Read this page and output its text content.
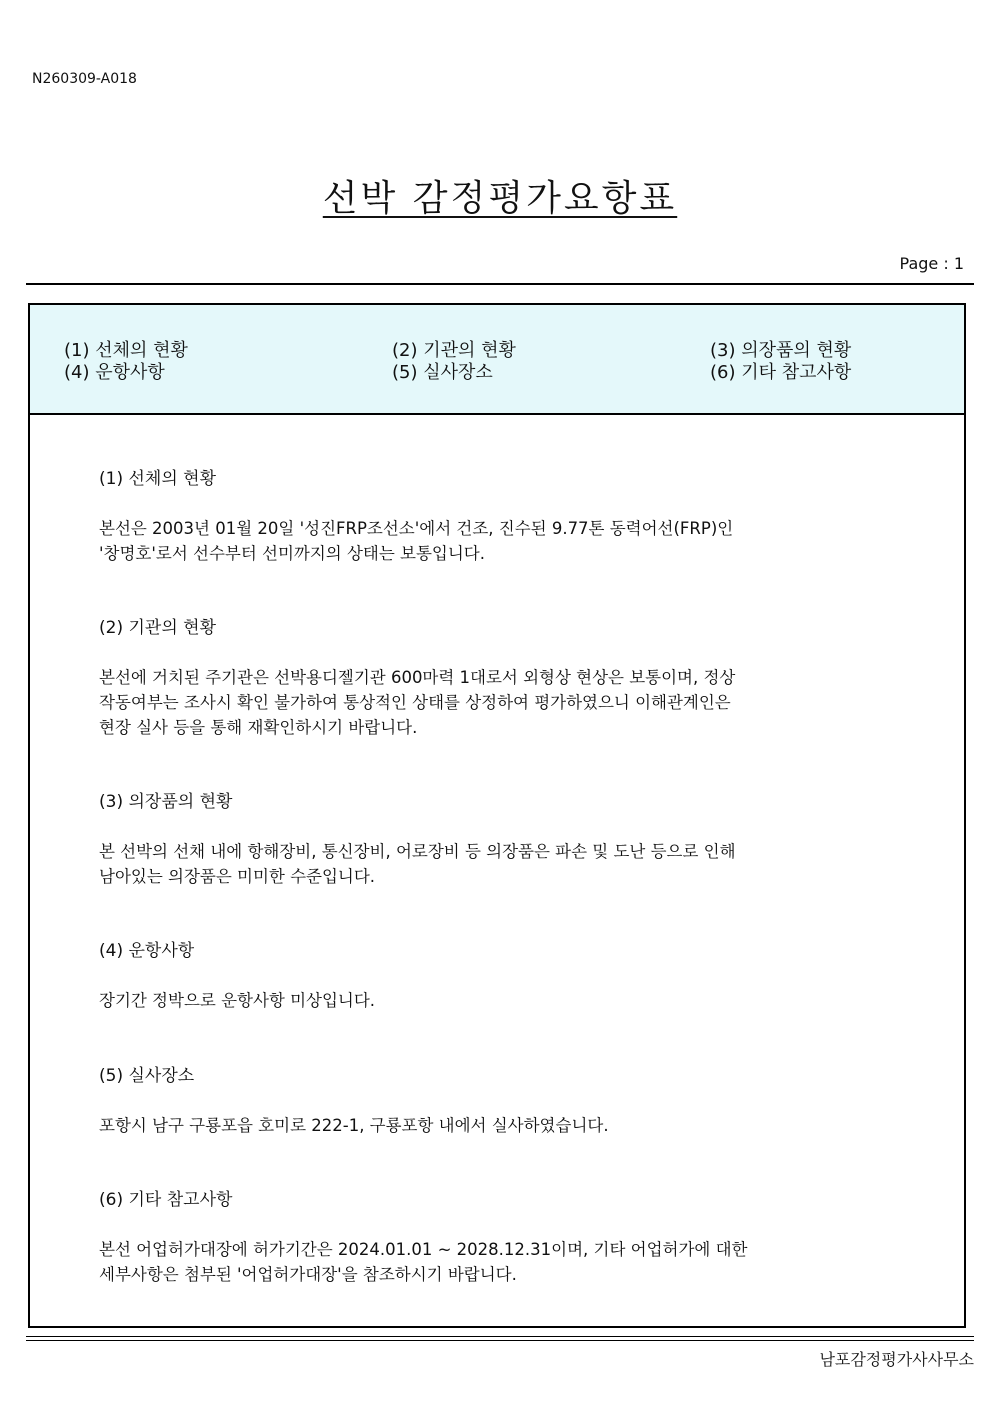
N260309-A018
선박 감정평가요항표
Page : 1
(1) 선체의 현황	(2) 기관의 현황	(3) 의장품의 현황
(4) 운항사항	(5) 실사장소	(6) 기타 참고사항
(1) 선체의 현황
본선은 2003년 01월 20일 '성진FRP조선소'에서 건조, 진수된 9.77톤 동력어선(FRP)인
'창명호'로서 선수부터 선미까지의 상태는 보통입니다.
(2) 기관의 현황
본선에 거치된 주기관은 선박용디젤기관 600마력 1대로서 외형상 현상은 보통이며, 정상
작동여부는 조사시 확인 불가하여 통상적인 상태를 상정하여 평가하였으니 이해관계인은
현장 실사 등을 통해 재확인하시기 바랍니다.
(3) 의장품의 현황
본 선박의 선채 내에 항해장비, 통신장비, 어로장비 등 의장품은 파손 및 도난 등으로 인해
남아있는 의장품은 미미한 수준입니다.
(4) 운항사항
장기간 정박으로 운항사항 미상입니다.
(5) 실사장소
포항시 남구 구룡포읍 호미로 222-1, 구룡포항 내에서 실사하였습니다.
(6) 기타 참고사항
본선 어업허가대장에 허가기간은 2024.01.01 ~ 2028.12.31이며, 기타 어업허가에 대한
세부사항은 첨부된 '어업허가대장'을 참조하시기 바랍니다.
남포감정평가사사무소
